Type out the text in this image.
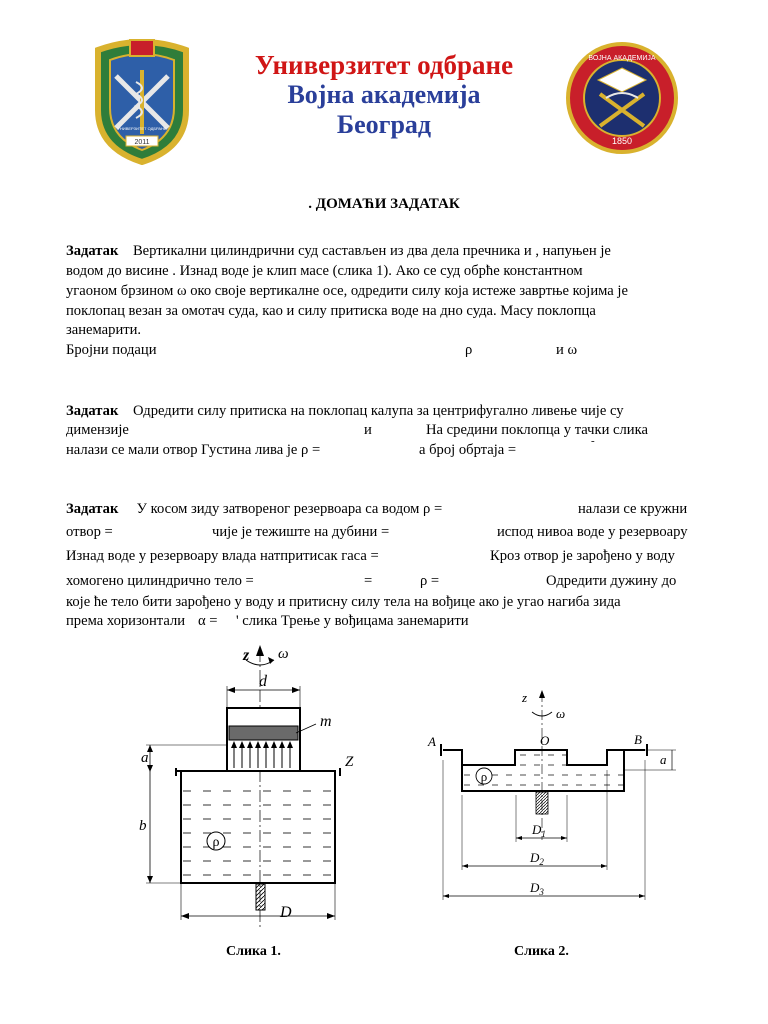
2011
УНИВЕРЗИТЕТ ОДБРАНЕ
Универзитет одбране
Војна академија
Београд
ВОЈНА АКАДЕМИЈА
1850
. ДОМАЋИ ЗАДАТАК
Задатак Вертикални цилиндрични суд састављен из два дела пречника и , напуњен је
водом до висине . Изнад воде је клип масе (слика 1). Ако се суд обрће константном
угаоном брзином ω око своје вертикалне осе, одредити силу која истеже завртње којима је
поклопац везан за омотач суда, као и силу притиска воде на дно суда. Масу поклопца
занемарити.
Бројни подаци	ρ	и ω
Задатак Одредити силу притиска на поклопац калупа за центрифугално ливење чије су
димензије	и	На средини поклопца у тачки слика
налази се мали отвор Густина лива је ρ =	а број обртаја =
-
Задатак У косом зиду затвореног резервоара са водом ρ =	налази се кружни
отвор =	чије је тежиште на дубини =	испод нивоа воде у резервоару
Изнад воде у резервоару влада натпритисак гаса =	Кроз отвор је зарођено у воду
хомогено цилиндрично тело =	=	ρ =	Одредити дужину до
које ће тело бити зарођено у воду и притисну силу тела на вођице ако је угао нагиба зида
према хоризонтали α = ' слика Трење у вођицама занемарити
ρ
z ω
d
m
a	Z
b
D
Слика 1.
ρ
z
ω
A	O	B
a
$D_1$
$D_2$
$D_3$
Слика 2.
